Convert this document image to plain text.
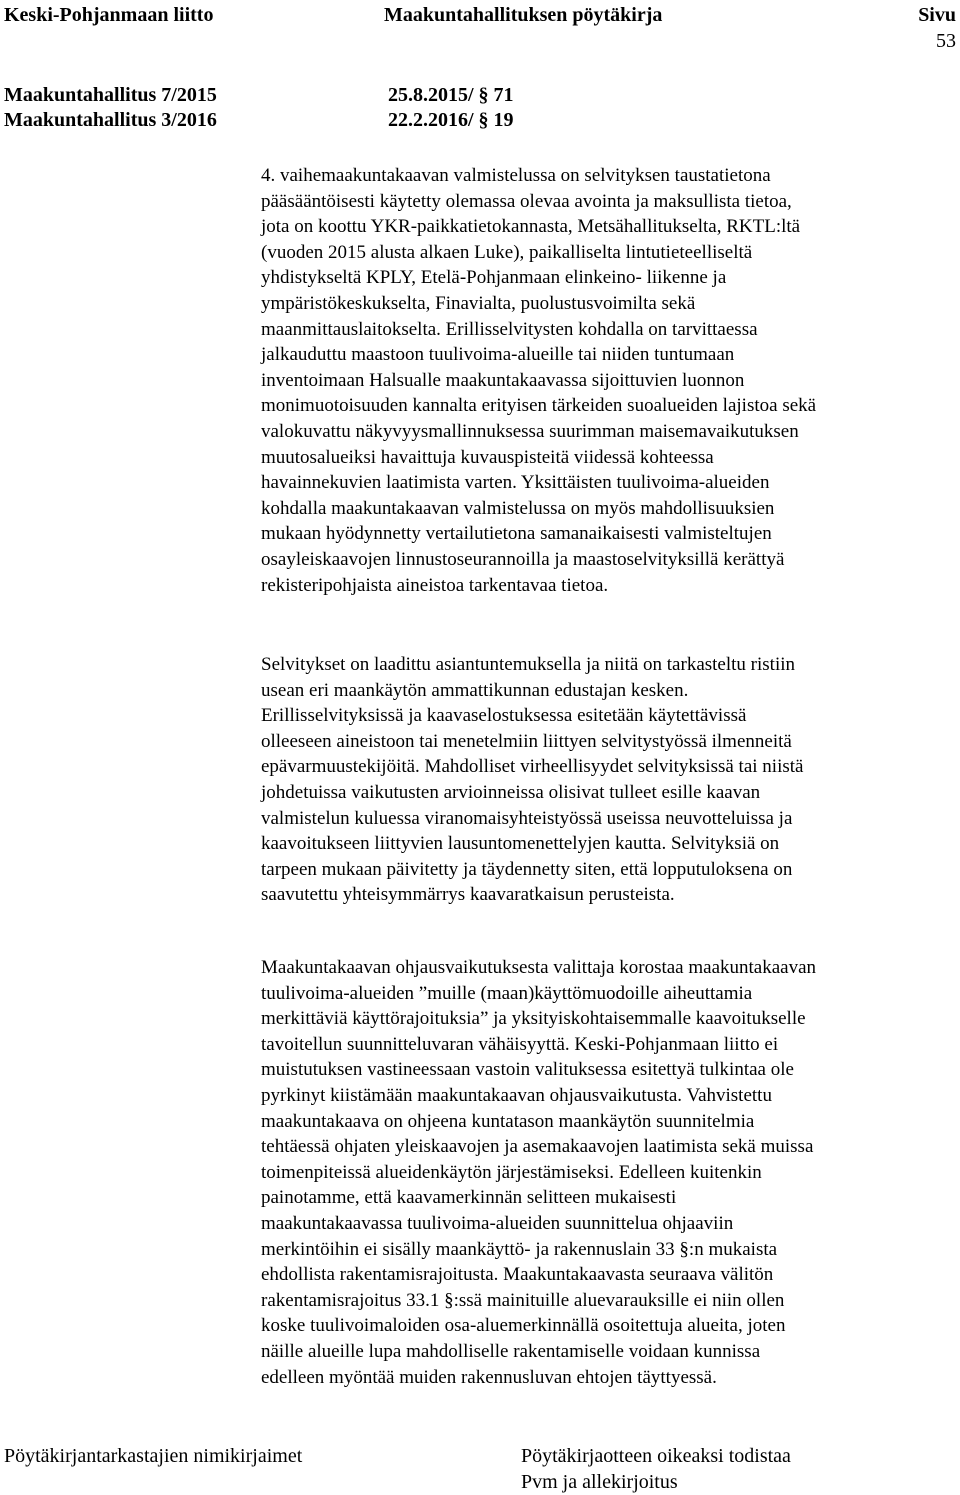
Keski-Pohjanmaan liitto	Maakuntahallituksen pöytäkirja	Sivu
53
Maakuntahallitus 7/2015	25.8.2015/ § 71
Maakuntahallitus 3/2016	22.2.2016/ § 19
4. vaihemaakuntakaavan valmistelussa on selvityksen taustatietona
pääsääntöisesti käytetty olemassa olevaa avointa ja maksullista tietoa,
jota on koottu YKR-paikkatietokannasta, Metsähallitukselta, RKTL:ltä
(vuoden 2015 alusta alkaen Luke), paikalliselta lintutieteelliseltä
yhdistykseltä KPLY, Etelä-Pohjanmaan elinkeino- liikenne ja
ympäristökeskukselta, Finavialta, puolustusvoimilta sekä
maanmittauslaitokselta. Erillisselvitysten kohdalla on tarvittaessa
jalkauduttu maastoon tuulivoima-alueille tai niiden tuntumaan
inventoimaan Halsualle maakuntakaavassa sijoittuvien luonnon
monimuotoisuuden kannalta erityisen tärkeiden suoalueiden lajistoa sekä
valokuvattu näkyvyysmallinnuksessa suurimman maisemavaikutuksen
muutosalueiksi havaittuja kuvauspisteitä viidessä kohteessa
havainnekuvien laatimista varten. Yksittäisten tuulivoima-alueiden
kohdalla maakuntakaavan valmistelussa on myös mahdollisuuksien
mukaan hyödynnetty vertailutietona samanaikaisesti valmisteltujen
osayleiskaavojen linnustoseurannoilla ja maastoselvityksillä kerättyä
rekisteripohjaista aineistoa tarkentavaa tietoa.
Selvitykset on laadittu asiantuntemuksella ja niitä on tarkasteltu ristiin
usean eri maankäytön ammattikunnan edustajan kesken.
Erillisselvityksissä ja kaavaselostuksessa esitetään käytettävissä
olleeseen aineistoon tai menetelmiin liittyen selvitystyössä ilmenneitä
epävarmuustekijöitä. Mahdolliset virheellisyydet selvityksissä tai niistä
johdetuissa vaikutusten arvioinneissa olisivat tulleet esille kaavan
valmistelun kuluessa viranomaisyhteistyössä useissa neuvotteluissa ja
kaavoitukseen liittyvien lausuntomenettelyjen kautta. Selvityksiä on
tarpeen mukaan päivitetty ja täydennetty siten, että lopputuloksena on
saavutettu yhteisymmärrys kaavaratkaisun perusteista.
Maakuntakaavan ohjausvaikutuksesta valittaja korostaa maakuntakaavan
tuulivoima-alueiden ”muille (maan)käyttömuodoille aiheuttamia
merkittäviä käyttörajoituksia” ja yksityiskohtaisemmalle kaavoitukselle
tavoitellun suunnitteluvaran vähäisyyttä. Keski-Pohjanmaan liitto ei
muistutuksen vastineessaan vastoin valituksessa esitettyä tulkintaa ole
pyrkinyt kiistämään maakuntakaavan ohjausvaikutusta. Vahvistettu
maakuntakaava on ohjeena kuntatason maankäytön suunnitelmia
tehtäessä ohjaten yleiskaavojen ja asemakaavojen laatimista sekä muissa
toimenpiteissä alueidenkäytön järjestämiseksi. Edelleen kuitenkin
painotamme, että kaavamerkinnän selitteen mukaisesti
maakuntakaavassa tuulivoima-alueiden suunnittelua ohjaaviin
merkintöihin ei sisälly maankäyttö- ja rakennuslain 33 §:n mukaista
ehdollista rakentamisrajoitusta. Maakuntakaavasta seuraava välitön
rakentamisrajoitus 33.1 §:ssä mainituille aluevarauksille ei niin ollen
koske tuulivoimaloiden osa-aluemerkinnällä osoitettuja alueita, joten
näille alueille lupa mahdolliselle rakentamiselle voidaan kunnissa
edelleen myöntää muiden rakennusluvan ehtojen täyttyessä.
Pöytäkirjantarkastajien nimikirjaimet	Pöytäkirjaotteen oikeaksi todistaa
Pvm ja allekirjoitus
